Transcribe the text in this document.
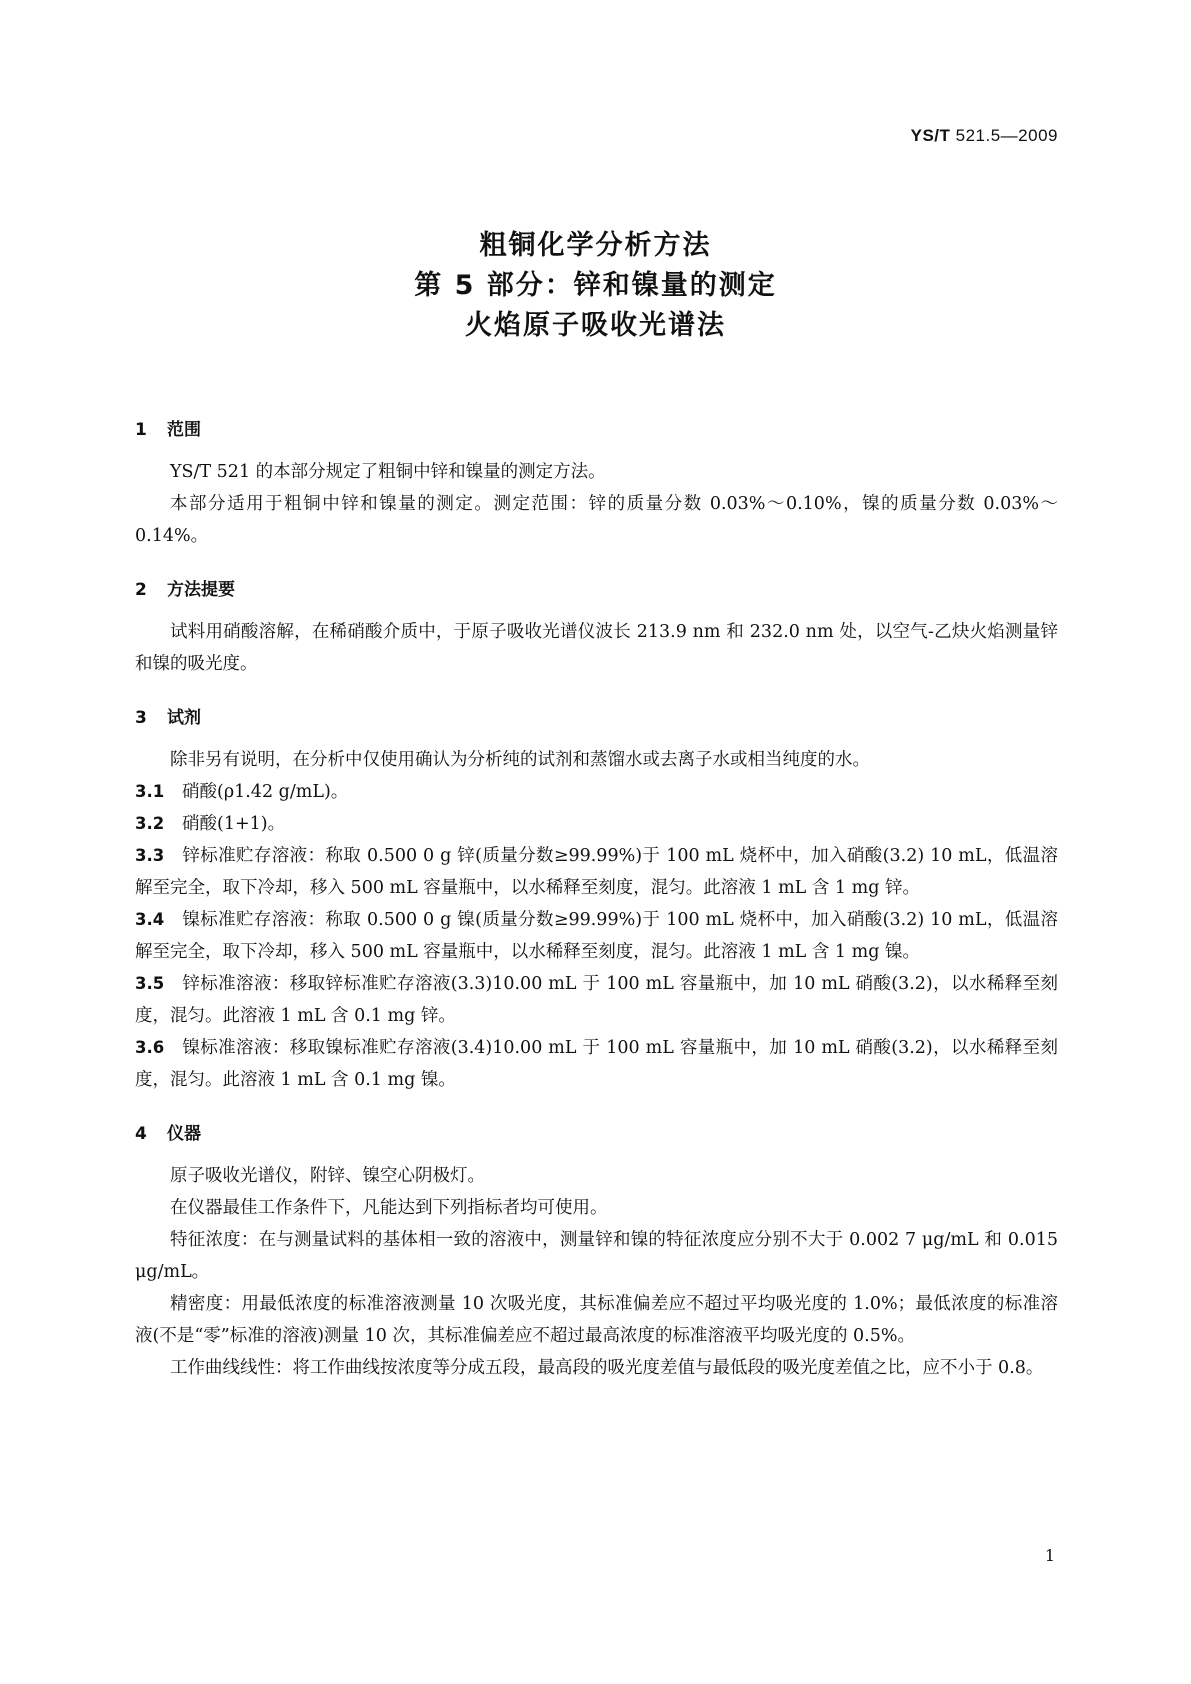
YS/T 521.5—2009
粗铜化学分析方法
第 5 部分：锌和镍量的测定
火焰原子吸收光谱法

1 范围

YS/T 521 的本部分规定了粗铜中锌和镍量的测定方法。

本部分适用于粗铜中锌和镍量的测定。测定范围：锌的质量分数 0.03%～0.10%，镍的质量分数 0.03%～0.14%。

2 方法提要

试料用硝酸溶解，在稀硝酸介质中，于原子吸收光谱仪波长 213.9 nm 和 232.0 nm 处，以空气-乙炔火焰测量锌和镍的吸光度。

3 试剂

除非另有说明，在分析中仅使用确认为分析纯的试剂和蒸馏水或去离子水或相当纯度的水。

3.1 硝酸(ρ1.42 g/mL)。

3.2 硝酸(1+1)。

3.3 锌标准贮存溶液：称取 0.500 0 g 锌(质量分数≥99.99%)于 100 mL 烧杯中，加入硝酸(3.2) 10 mL，低温溶解至完全，取下冷却，移入 500 mL 容量瓶中，以水稀释至刻度，混匀。此溶液 1 mL 含 1 mg 锌。

3.4 镍标准贮存溶液：称取 0.500 0 g 镍(质量分数≥99.99%)于 100 mL 烧杯中，加入硝酸(3.2) 10 mL，低温溶解至完全，取下冷却，移入 500 mL 容量瓶中，以水稀释至刻度，混匀。此溶液 1 mL 含 1 mg 镍。

3.5 锌标准溶液：移取锌标准贮存溶液(3.3)10.00 mL 于 100 mL 容量瓶中，加 10 mL 硝酸(3.2)，以水稀释至刻度，混匀。此溶液 1 mL 含 0.1 mg 锌。

3.6 镍标准溶液：移取镍标准贮存溶液(3.4)10.00 mL 于 100 mL 容量瓶中，加 10 mL 硝酸(3.2)，以水稀释至刻度，混匀。此溶液 1 mL 含 0.1 mg 镍。

4 仪器

原子吸收光谱仪，附锌、镍空心阴极灯。

在仪器最佳工作条件下，凡能达到下列指标者均可使用。

特征浓度：在与测量试料的基体相一致的溶液中，测量锌和镍的特征浓度应分别不大于 0.002 7 μg/mL 和 0.015 μg/mL。

精密度：用最低浓度的标准溶液测量 10 次吸光度，其标准偏差应不超过平均吸光度的 1.0%；最低浓度的标准溶液(不是“零”标准的溶液)测量 10 次，其标准偏差应不超过最高浓度的标准溶液平均吸光度的 0.5%。

工作曲线线性：将工作曲线按浓度等分成五段，最高段的吸光度差值与最低段的吸光度差值之比，应不小于 0.8。

1
